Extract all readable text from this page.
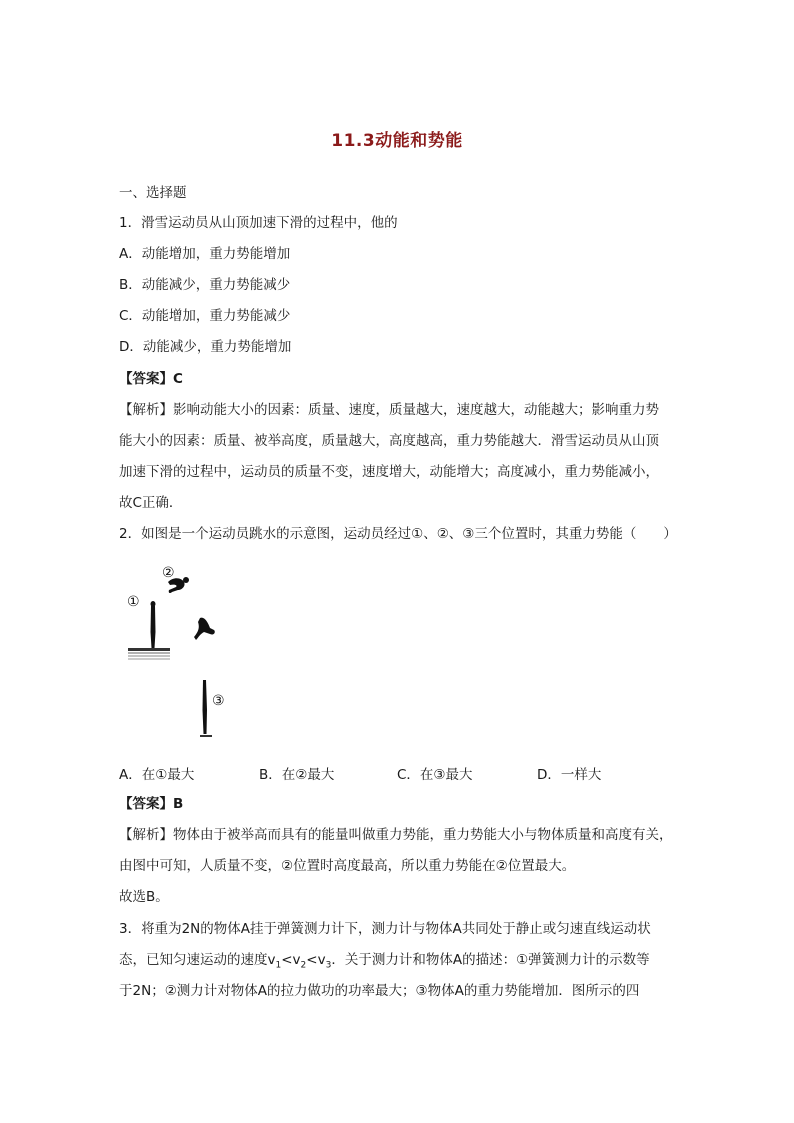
11.3动能和势能
一、选择题
1．滑雪运动员从山顶加速下滑的过程中，他的
A．动能增加，重力势能增加
B．动能减少，重力势能减少
C．动能增加，重力势能减少
D．动能减少，重力势能增加
【答案】C
【解析】影响动能大小的因素：质量、速度，质量越大，速度越大，动能越大；影响重力势
能大小的因素：质量、被举高度，质量越大，高度越高，重力势能越大．滑雪运动员从山顶
加速下滑的过程中，运动员的质量不变，速度增大，动能增大；高度减小，重力势能减小，
故C正确．
2．如图是一个运动员跳水的示意图，运动员经过①、②、③三个位置时，其重力势能（　　）
①
②
③
A．在①最大	B．在②最大	C．在③最大	D．一样大
【答案】B
【解析】物体由于被举高而具有的能量叫做重力势能，重力势能大小与物体质量和高度有关，
由图中可知，人质量不变，②位置时高度最高，所以重力势能在②位置最大。
故选B。
3．将重为2N的物体A挂于弹簧测力计下，测力计与物体A共同处于静止或匀速直线运动状
态，已知匀速运动的速度$v_1<v_2<v_3$．关于测力计和物体A的描述：①弹簧测力计的示数等
于2N；②测力计对物体A的拉力做功的功率最大；③物体A的重力势能增加．图所示的四
